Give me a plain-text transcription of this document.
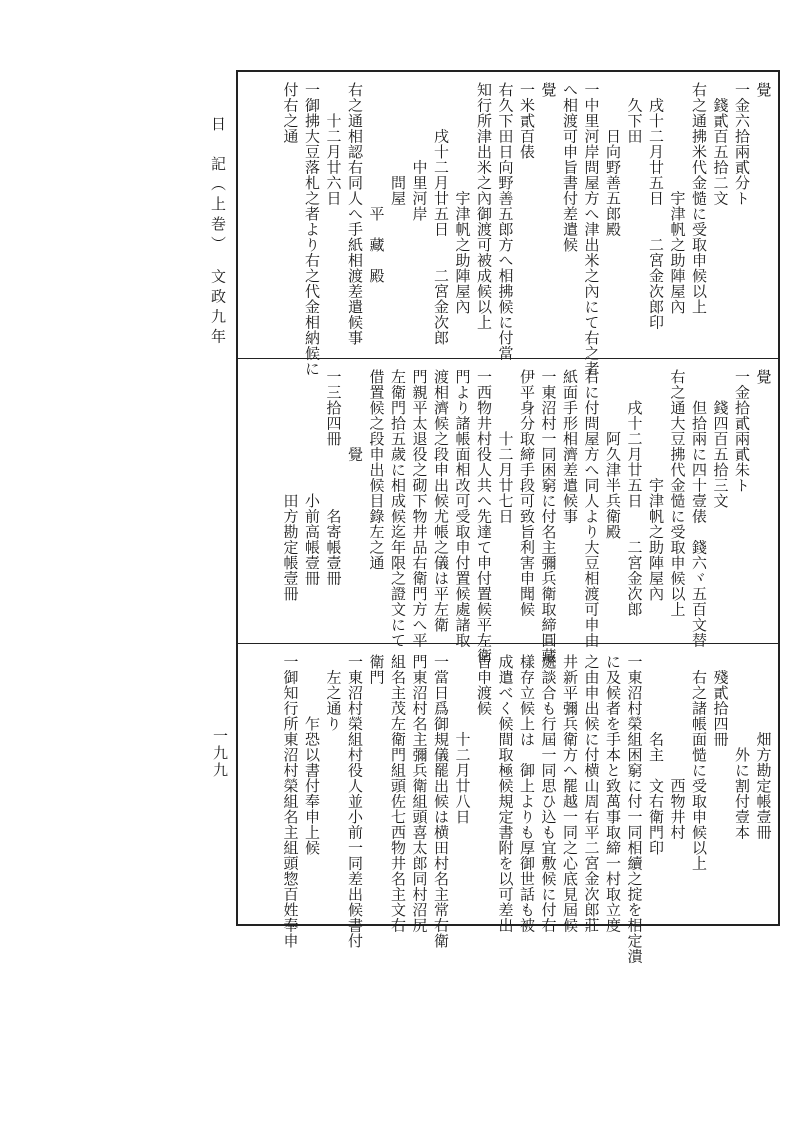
日　記（上巻）　文政九年
一九九
覺
一金六拾兩貳分ト
　錢貳百五拾二文
右之通拂米代金慥に受取申候以上
　　　　　　　宇津帆之助陣屋內
　戌十二月廿五日　　二宮金次郎印
　久下田
　　　日向野善五郎殿
一中里河岸問屋方へ津出米之內にて右之者
へ相渡可申旨書付差遣候
覺
一米貳百俵
右久下田日向野善五郎方へ相拂候に付當
知行所津出米之內御渡可被成候以上
　　　　　　　宇津帆之助陣屋內
　　　戌十二月廿五日　　二宮金次郎
　　　　　中里河岸
　　　　　　問屋
　　　　　　　　平　藏　殿
右之通相認右同人へ手紙相渡差遣候事
　　十二月廿六日
一御拂大豆落札之者より右之代金相納候に
付右之通
覺
一金拾貳兩貳朱ト
　　錢四百五拾三文
　　但拾兩に四十壹俵　錢六ヾ五百文替
右之通大豆拂代金慥に受取申候以上
　　　　　　　宇津帆之助陣屋內
　　戌十二月廿五日　　二宮金次郎
　　　　阿久津半兵衛殿
右に付問屋方へ同人より大豆相渡可申由
紙面手形相濟差遣候事
一東沼村一同困窮に付名主彌兵衛取締圓藏
伊平身分取締手段可致旨利害申聞候
　　　　十二月廿七日
一西物井村役人共へ先達て申付置候平左衛
門より諸帳面相改可受取申付置候處諸取
渡相濟候之段申出候尤帳之儀は平左衛
門親平太退役之砌下物井品右衛門方へ平
左衛門拾五歲に相成候迄年限之證文にて
借置候之段申出候目錄左之通
　　　　　覺
一三拾四冊　　　　名寄帳壹冊
　　　　　　　　小前高帳壹冊
　　　　　　　　田方勘定帳壹冊
　　　　　畑方勘定帳壹冊
　　　　　　外に割付壹本
　殘貳拾四冊
　右之諸帳面慥に受取申候以上
　　　　　　　　西物井村
　　　　　名主　文右衛門印
一東沼村榮組困窮に付一同相續之掟を相定潰
に及候者を手本と致萬事取締一村取立度
之由申出候に付横山周右平二宮金次郎莊
井新平彌兵衛方へ罷越一同之心底見屆候
處談合も行屆一同思ひ込も宜敷候に付右
樣存立候上は　御上よりも厚御世話も被
成遣べく候間取極候規定書附を以可差出
旨申渡候
　　　　　十二月廿八日
一當日爲御規儀罷出候は横田村名主常右衛
門東沼村名主彌兵衛組頭喜太郎同村沼尻
組名主茂左衛門組頭佐七西物井名主文右
衛門
一東沼村榮組村役人並小前一同差出候書付
　左之通り
　　　　乍恐以書付奉申上候
一御知行所東沼村榮組名主組頭惣百姓奉申
